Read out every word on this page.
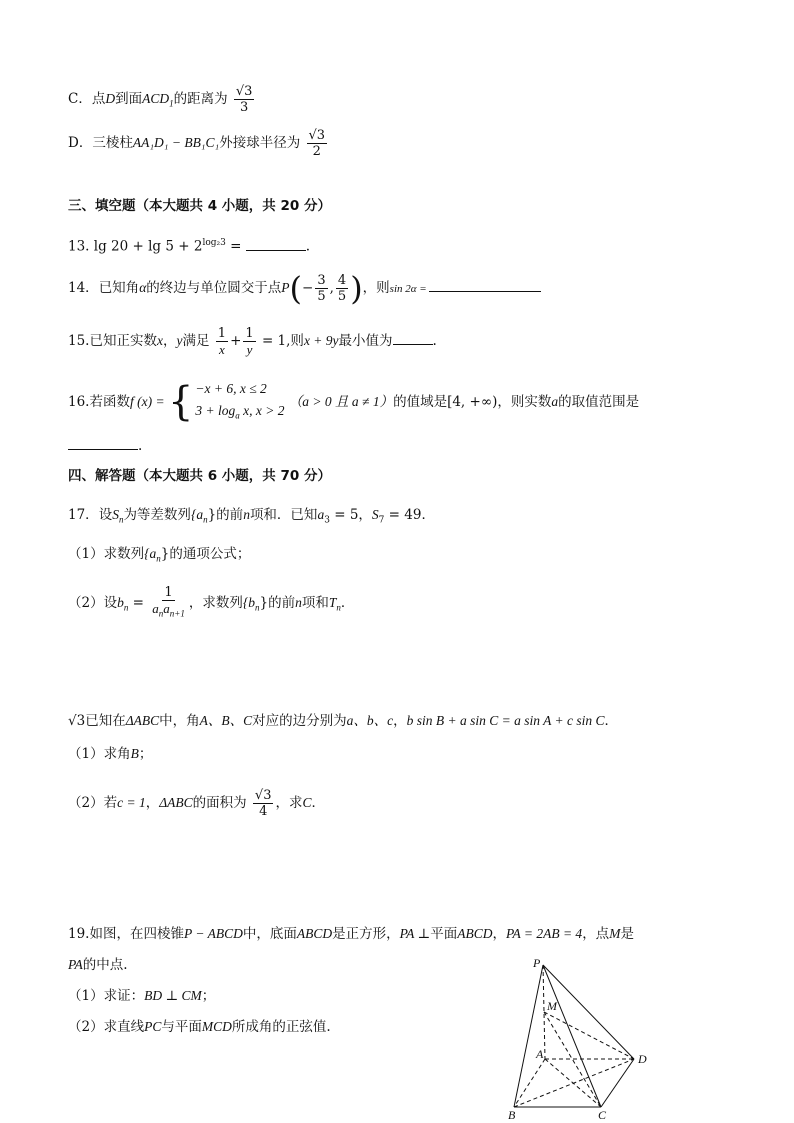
C．点D到面$ACD_1$的距离为 $\frac{√3}{3}$
D．三棱柱AA₁D₁ − BB₁C₁外接球半径为 $\frac{√3}{2}$
三、填空题（本大题共 4 小题，共 20 分）
13. $\lg 20 + \lg 5 + 2^{log_23}$ =	.
14．已知角α的终边与单位圆交于点$P(- \frac{3}{5}$ , $\frac{4}{5}$ )，则sin 2α =
15.已知正实数x，y满足 $\frac{1}{x} + \frac{1}{y} = 1$,则x + 9y最小值为	.
16.若函数f (x) = { −x + 6, x ≤ 2
$3 + \log_a x$, x > 2
（a > 0 且 a ≠ 1）的值域是[4, +∞)，则实数a的取值范围是
.
四、解答题（本大题共 6 小题，共 70 分）
17．设$S_n$为等差数列$\{a_n\}$的前n项和．已知$a_3 = 5$，$S_7 = 49$．
（1）求数列$\{a_n\}$的通项公式；
（2）设$b_n = \frac{1}{a_na_{n+1}}$ ，求数列$\{b_n\}$的前n项和$T_n$．
√3已知在ΔABC中，角A、B、C对应的边分别为a、b、c，b sin B + a sin C = a sin A + c sin C．
（1）求角B；
（2）若c = 1，ΔABC的面积为 $\frac{√3}{4}$ ，求C．
19.如图，在四棱锥P − ABCD中，底面ABCD是正方形，PA ⊥平面ABCD，PA = 2AB = 4，点M是
PA的中点.
（1）求证：BD ⊥ CM；
（2）求直线PC与平面MCD所成角的正弦值.
P
M
A	D
B	C
